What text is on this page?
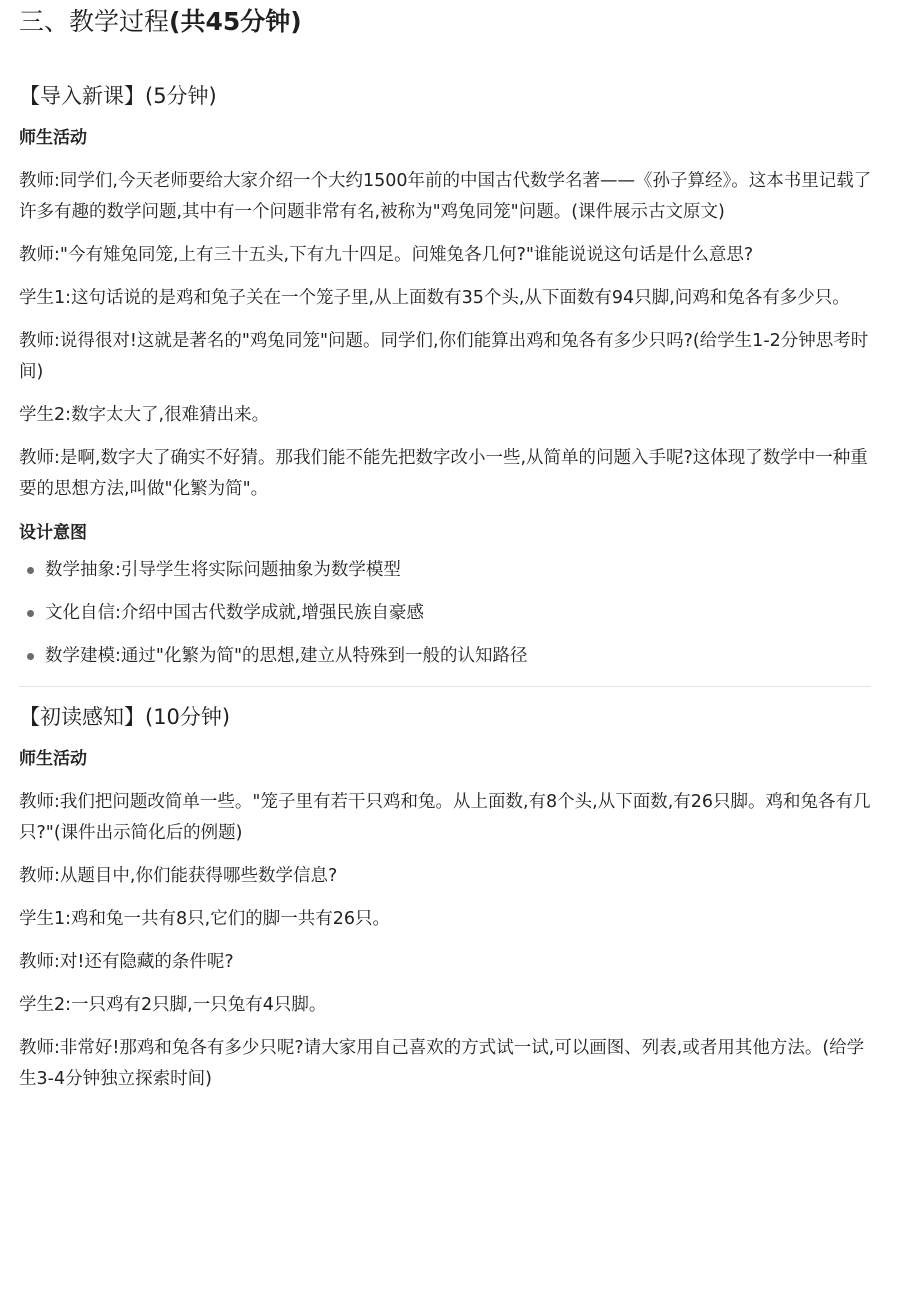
三、教学过程(共45分钟)
【导入新课】(5分钟)
师生活动

教师:同学们,今天老师要给大家介绍一个大约1500年前的中国古代数学名著——《孙子算经》。这本书里记载了许多有趣的数学问题,其中有一个问题非常有名,被称为"鸡兔同笼"问题。(课件展示古文原文)

教师:"今有雉兔同笼,上有三十五头,下有九十四足。问雉兔各几何?"谁能说说这句话是什么意思?

学生1:这句话说的是鸡和兔子关在一个笼子里,从上面数有35个头,从下面数有94只脚,问鸡和兔各有多少只。

教师:说得很对!这就是著名的"鸡兔同笼"问题。同学们,你们能算出鸡和兔各有多少只吗?(给学生1-2分钟思考时间)

学生2:数字太大了,很难猜出来。

教师:是啊,数字大了确实不好猜。那我们能不能先把数字改小一些,从简单的问题入手呢?这体现了数学中一种重要的思想方法,叫做"化繁为简"。

设计意图
数学抽象:引导学生将实际问题抽象为数学模型
文化自信:介绍中国古代数学成就,增强民族自豪感
数学建模:通过"化繁为简"的思想,建立从特殊到一般的认知路径
【初读感知】(10分钟)
师生活动

教师:我们把问题改简单一些。"笼子里有若干只鸡和兔。从上面数,有8个头,从下面数,有26只脚。鸡和兔各有几只?"(课件出示简化后的例题)

教师:从题目中,你们能获得哪些数学信息?

学生1:鸡和兔一共有8只,它们的脚一共有26只。

教师:对!还有隐藏的条件呢?

学生2:一只鸡有2只脚,一只兔有4只脚。

教师:非常好!那鸡和兔各有多少只呢?请大家用自己喜欢的方式试一试,可以画图、列表,或者用其他方法。(给学生3-4分钟独立探索时间)
